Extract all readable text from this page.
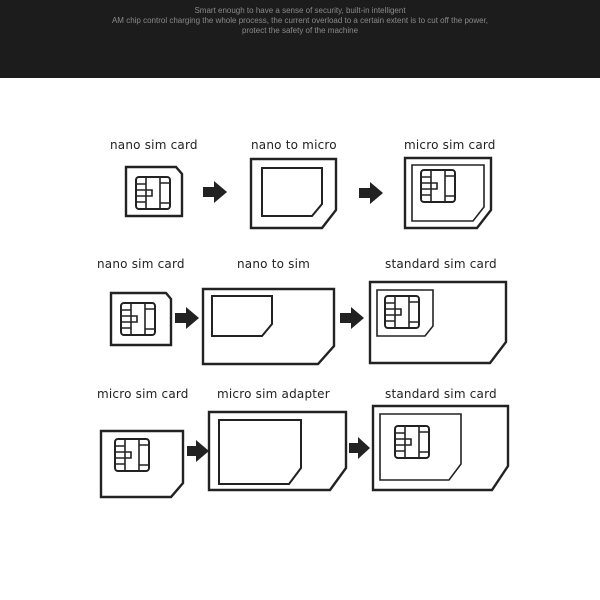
Smart enough to have a sense of security, built-in intelligent
AM chip control charging the whole process, the current overload to a certain extent is to cut off the power,
protect the safety of the machine
nano sim card	nano to micro	micro sim card
nano sim card	nano to sim	standard sim card
micro sim card micro sim adapter	standard sim card
